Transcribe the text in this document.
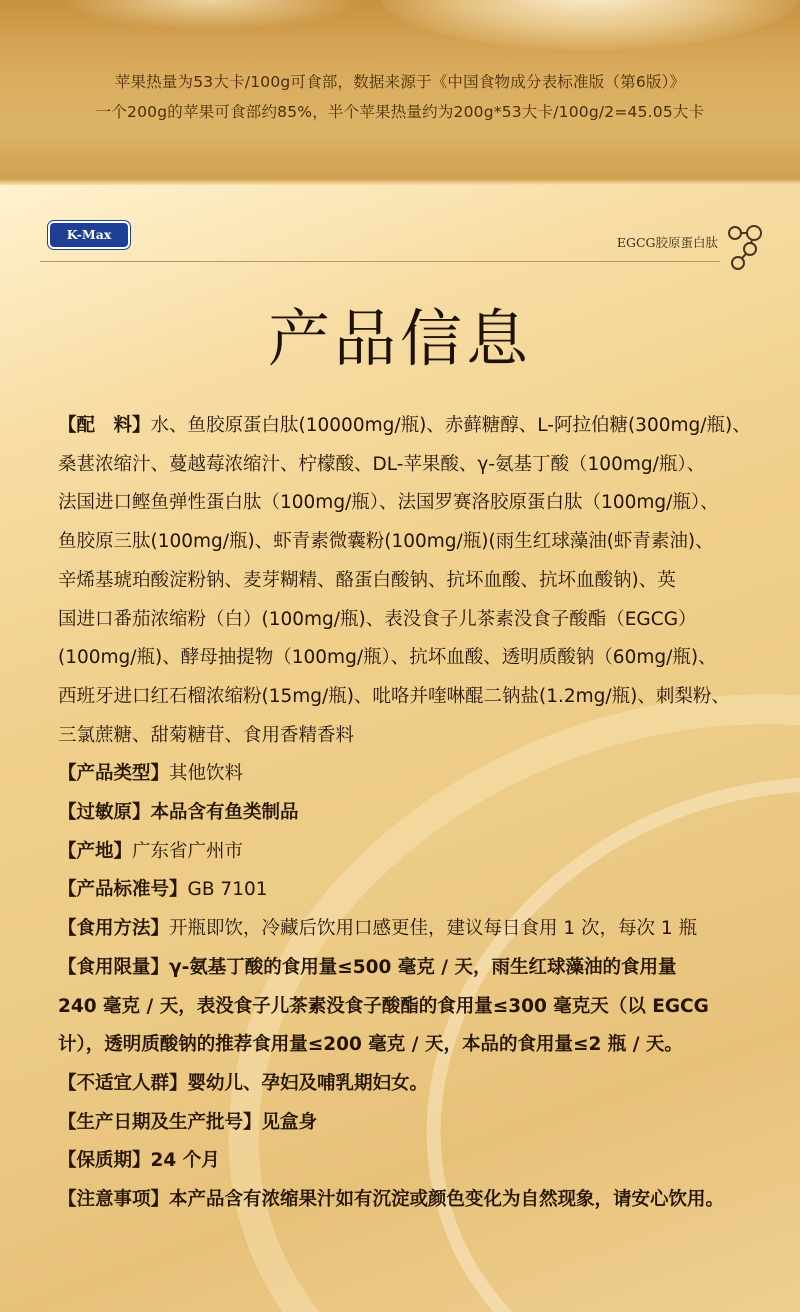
苹果热量为53大卡/100g可食部，数据来源于《中国食物成分表标准版（第6版）》
一个200g的苹果可食部约85%，半个苹果热量约为200g*53大卡/100g/2=45.05大卡
K-Max
EGCG胶原蛋白肽
产品信息
【配　料】水、鱼胶原蛋白肽(10000mg/瓶)、赤藓糖醇、L-阿拉伯糖(300mg/瓶)、
桑葚浓缩汁、蔓越莓浓缩汁、柠檬酸、DL-苹果酸、γ-氨基丁酸（100mg/瓶）、
法国进口鲣鱼弹性蛋白肽（100mg/瓶）、法国罗赛洛胶原蛋白肽（100mg/瓶）、
鱼胶原三肽(100mg/瓶)、虾青素微囊粉(100mg/瓶)(雨生红球藻油(虾青素油)、
辛烯基琥珀酸淀粉钠、麦芽糊精、酪蛋白酸钠、抗坏血酸、抗坏血酸钠)、英
国进口番茄浓缩粉（白）(100mg/瓶)、表没食子儿茶素没食子酸酯（EGCG）
(100mg/瓶)、酵母抽提物（100mg/瓶）、抗坏血酸、透明质酸钠（60mg/瓶)、
西班牙进口红石榴浓缩粉(15mg/瓶)、吡咯并喹啉醌二钠盐(1.2mg/瓶)、刺梨粉、
三氯蔗糖、甜菊糖苷、食用香精香料
【产品类型】其他饮料
【过敏原】本品含有鱼类制品
【产地】广东省广州市
【产品标准号】GB 7101
【食用方法】开瓶即饮，冷藏后饮用口感更佳，建议每日食用 1 次，每次 1 瓶
【食用限量】γ-氨基丁酸的食用量≤500 毫克 / 天，雨生红球藻油的食用量
240 毫克 / 天，表没食子儿茶素没食子酸酯的食用量≤300 毫克天（以 EGCG
计），透明质酸钠的推荐食用量≤200 毫克 / 天，本品的食用量≤2 瓶 / 天。
【不适宜人群】婴幼儿、孕妇及哺乳期妇女。
【生产日期及生产批号】见盒身
【保质期】24 个月
【注意事项】本产品含有浓缩果汁如有沉淀或颜色变化为自然现象，请安心饮用。
